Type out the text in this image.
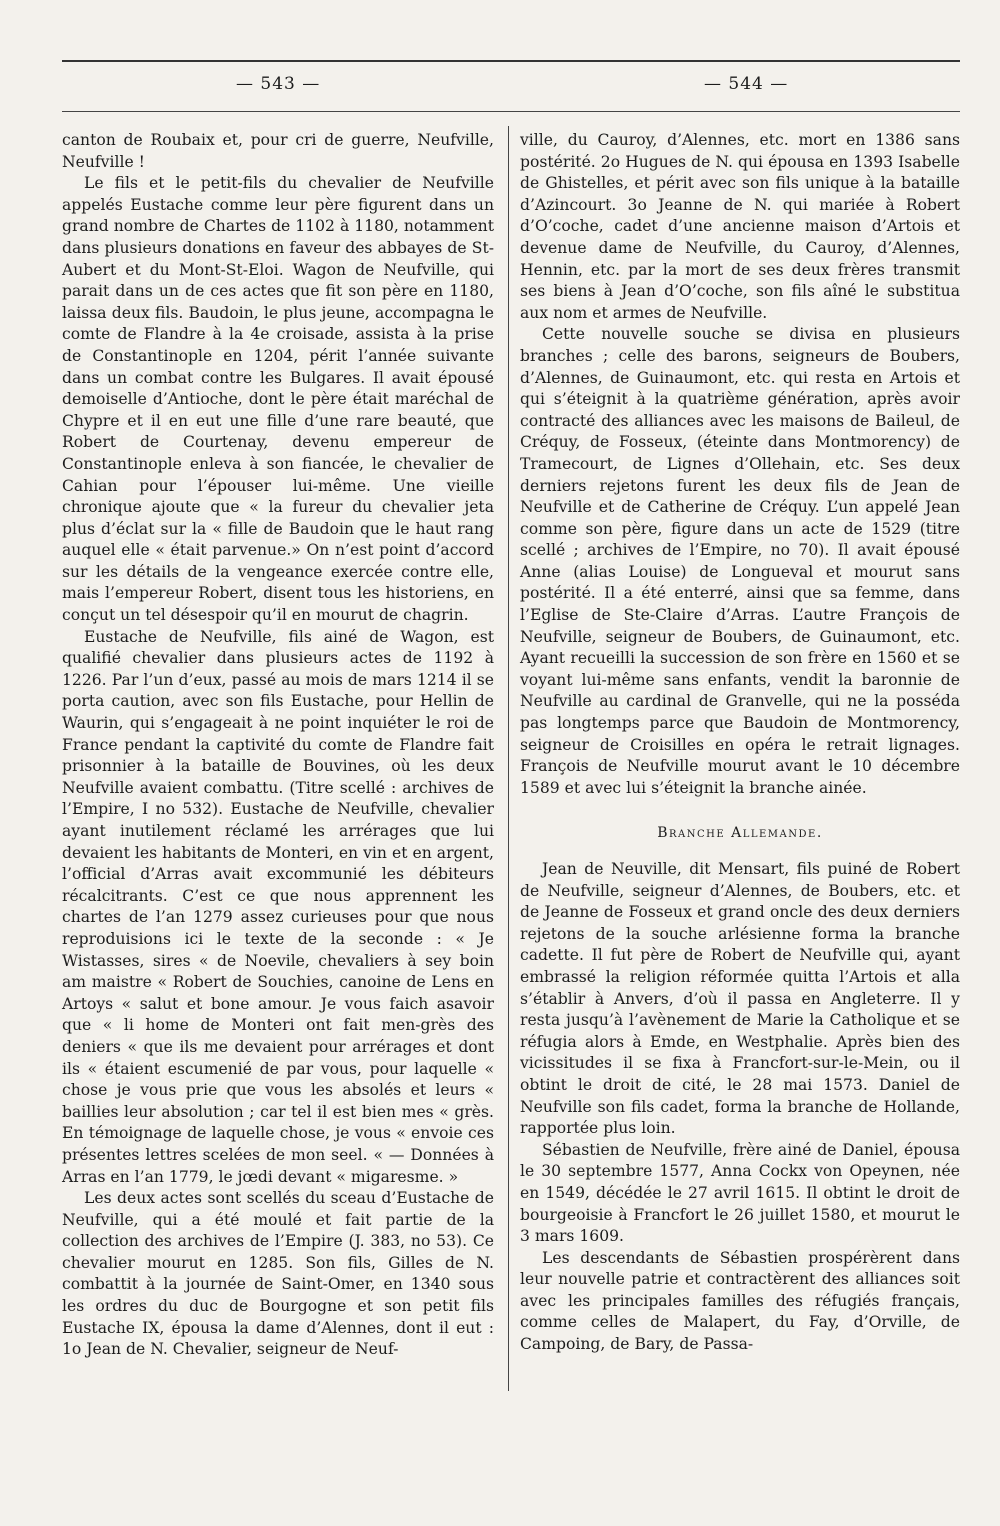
— 543 —	— 544 —

canton de Roubaix et, pour cri de guerre, Neufville, Neufville !

Le fils et le petit-fils du chevalier de Neufville appelés Eustache comme leur père figurent dans un grand nombre de Chartes de 1102 à 1180, notamment dans plusieurs donations en faveur des abbayes de St-Aubert et du Mont-St-Eloi. Wagon de Neufville, qui parait dans un de ces actes que fit son père en 1180, laissa deux fils. Baudoin, le plus jeune, accompagna le comte de Flandre à la 4e croisade, assista à la prise de Constantinople en 1204, périt l’année suivante dans un combat contre les Bulgares. Il avait épousé demoiselle d’Antioche, dont le père était maréchal de Chypre et il en eut une fille d’une rare beauté, que Robert de Courtenay, devenu empereur de Constantinople enleva à son fiancée, le chevalier de Cahian pour l’épouser lui-même. Une vieille chronique ajoute que « la fureur du chevalier jeta plus d’éclat sur la « fille de Baudoin que le haut rang auquel elle « était parvenue.» On n’est point d’accord sur les détails de la vengeance exercée contre elle, mais l’empereur Robert, disent tous les historiens, en conçut un tel désespoir qu’il en mourut de chagrin.

Eustache de Neufville, fils ainé de Wagon, est qualifié chevalier dans plusieurs actes de 1192 à 1226. Par l’un d’eux, passé au mois de mars 1214 il se porta caution, avec son fils Eustache, pour Hellin de Waurin, qui s’engageait à ne point inquiéter le roi de France pendant la captivité du comte de Flandre fait prisonnier à la bataille de Bouvines, où les deux Neufville avaient combattu. (Titre scellé : archives de l’Empire, I no 532). Eustache de Neufville, chevalier ayant inutilement réclamé les arrérages que lui devaient les habitants de Monteri, en vin et en argent, l’official d’Arras avait excommunié les débiteurs récalcitrants. C’est ce que nous apprennent les chartes de l’an 1279 assez curieuses pour que nous reproduisions ici le texte de la seconde : « Je Wistasses, sires « de Noevile, chevaliers à sey boin am maistre « Robert de Souchies, canoine de Lens en Artoys « salut et bone amour. Je vous faich asavoir que « li home de Monteri ont fait men-grès des deniers « que ils me devaient pour arrérages et dont ils « étaient escumenié de par vous, pour laquelle « chose je vous prie que vous les absolés et leurs « baillies leur absolution ; car tel il est bien mes « grès. En témoignage de laquelle chose, je vous « envoie ces présentes lettres scelées de mon seel. « — Données à Arras en l’an 1779, le jœdi devant « migaresme. »

Les deux actes sont scellés du sceau d’Eustache de Neufville, qui a été moulé et fait partie de la collection des archives de l’Empire (J. 383, no 53). Ce chevalier mourut en 1285. Son fils, Gilles de N. combattit à la journée de Saint-Omer, en 1340 sous les ordres du duc de Bourgogne et son petit fils Eustache IX, épousa la dame d’Alennes, dont il eut : 1o Jean de N. Chevalier, seigneur de Neuf-

ville, du Cauroy, d’Alennes, etc. mort en 1386 sans postérité. 2o Hugues de N. qui épousa en 1393 Isabelle de Ghistelles, et périt avec son fils unique à la bataille d’Azincourt. 3o Jeanne de N. qui mariée à Robert d’O’coche, cadet d’une ancienne maison d’Artois et devenue dame de Neufville, du Cauroy, d’Alennes, Hennin, etc. par la mort de ses deux frères transmit ses biens à Jean d’O’coche, son fils aîné le substitua aux nom et armes de Neufville.

Cette nouvelle souche se divisa en plusieurs branches ; celle des barons, seigneurs de Boubers, d’Alennes, de Guinaumont, etc. qui resta en Artois et qui s’éteignit à la quatrième génération, après avoir contracté des alliances avec les maisons de Baileul, de Créquy, de Fosseux, (éteinte dans Montmorency) de Tramecourt, de Lignes d’Ollehain, etc. Ses deux derniers rejetons furent les deux fils de Jean de Neufville et de Catherine de Créquy. L’un appelé Jean comme son père, figure dans un acte de 1529 (titre scellé ; archives de l’Empire, no 70). Il avait épousé Anne (alias Louise) de Longueval et mourut sans postérité. Il a été enterré, ainsi que sa femme, dans l’Eglise de Ste-Claire d’Arras. L’autre François de Neufville, seigneur de Boubers, de Guinaumont, etc. Ayant recueilli la succession de son frère en 1560 et se voyant lui-même sans enfants, vendit la baronnie de Neufville au cardinal de Granvelle, qui ne la posséda pas longtemps parce que Baudoin de Montmorency, seigneur de Croisilles en opéra le retrait lignages. François de Neufville mourut avant le 10 décembre 1589 et avec lui s’éteignit la branche ainée.

Branche Allemande.

Jean de Neuville, dit Mensart, fils puiné de Robert de Neufville, seigneur d’Alennes, de Boubers, etc. et de Jeanne de Fosseux et grand oncle des deux derniers rejetons de la souche arlésienne forma la branche cadette. Il fut père de Robert de Neufville qui, ayant embrassé la religion réformée quitta l’Artois et alla s’établir à Anvers, d’où il passa en Angleterre. Il y resta jusqu’à l’avènement de Marie la Catholique et se réfugia alors à Emde, en Westphalie. Après bien des vicissitudes il se fixa à Francfort-sur-le-Mein, ou il obtint le droit de cité, le 28 mai 1573. Daniel de Neufville son fils cadet, forma la branche de Hollande, rapportée plus loin.

Sébastien de Neufville, frère ainé de Daniel, épousa le 30 septembre 1577, Anna Cockx von Opeynen, née en 1549, décédée le 27 avril 1615. Il obtint le droit de bourgeoisie à Francfort le 26 juillet 1580, et mourut le 3 mars 1609.

Les descendants de Sébastien prospérèrent dans leur nouvelle patrie et contractèrent des alliances soit avec les principales familles des réfugiés français, comme celles de Malapert, du Fay, d’Orville, de Campoing, de Bary, de Passa-
